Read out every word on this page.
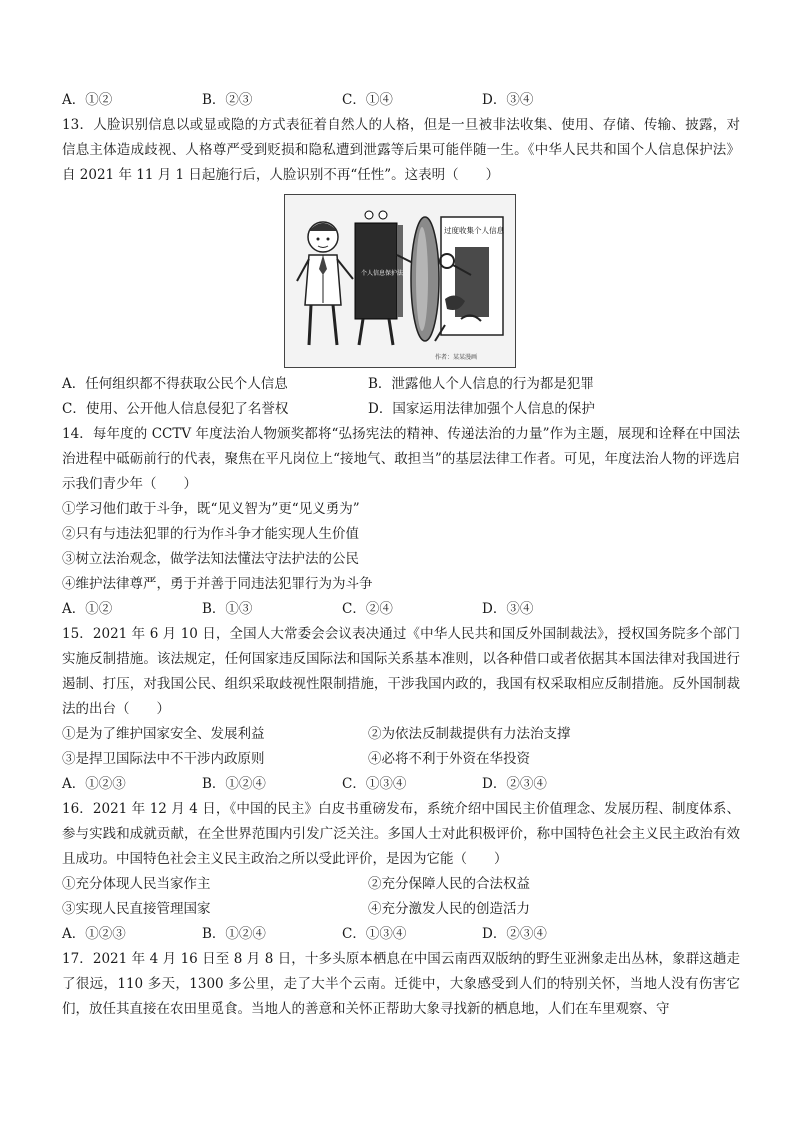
A．①②	B．②③	C．①④	D．③④
13．人脸识别信息以或显或隐的方式表征着自然人的人格，但是一旦被非法收集、使用、存储、传输、披露，对信息主体造成歧视、人格尊严受到贬损和隐私遭到泄露等后果可能伴随一生。《中华人民共和国个人信息保护法》自 2021 年 11 月 1 日起施行后，人脸识别不再“任性”。这表明（　　）
个人信息保护法
过度收集个人信息
作者：某某漫画
A．任何组织都不得获取公民个人信息	B．泄露他人个人信息的行为都是犯罪
C．使用、公开他人信息侵犯了名誉权	D．国家运用法律加强个人信息的保护
14．每年度的 CCTV 年度法治人物颁奖都将“弘扬宪法的精神、传递法治的力量”作为主题，展现和诠释在中国法治进程中砥砺前行的代表，聚焦在平凡岗位上“接地气、敢担当”的基层法律工作者。可见，年度法治人物的评选启示我们青少年（　　）
①学习他们敢于斗争，既“见义智为”更“见义勇为”
②只有与违法犯罪的行为作斗争才能实现人生价值
③树立法治观念，做学法知法懂法守法护法的公民
④维护法律尊严，勇于并善于同违法犯罪行为为斗争
A．①②	B．①③	C．②④	D．③④
15．2021 年 6 月 10 日，全国人大常委会会议表决通过《中华人民共和国反外国制裁法》，授权国务院多个部门实施反制措施。该法规定，任何国家违反国际法和国际关系基本准则，以各种借口或者依据其本国法律对我国进行遏制、打压，对我国公民、组织采取歧视性限制措施，干涉我国内政的，我国有权采取相应反制措施。反外国制裁法的出台（　　）
①是为了维护国家安全、发展利益	②为依法反制裁提供有力法治支撑
③是捍卫国际法中不干涉内政原则	④必将不利于外资在华投资
A．①②③	B．①②④	C．①③④	D．②③④
16．2021 年 12 月 4 日，《中国的民主》白皮书重磅发布，系统介绍中国民主价值理念、发展历程、制度体系、参与实践和成就贡献，在全世界范围内引发广泛关注。多国人士对此积极评价，称中国特色社会主义民主政治有效且成功。中国特色社会主义民主政治之所以受此评价，是因为它能（　　）
①充分体现人民当家作主	②充分保障人民的合法权益
③实现人民直接管理国家	④充分激发人民的创造活力
A．①②③	B．①②④	C．①③④	D．②③④
17．2021 年 4 月 16 日至 8 月 8 日，十多头原本栖息在中国云南西双版纳的野生亚洲象走出丛林，象群这趟走了很远，110 多天，1300 多公里，走了大半个云南。迁徙中，大象感受到人们的特别关怀，当地人没有伤害它们，放任其直接在农田里觅食。当地人的善意和关怀正帮助大象寻找新的栖息地，人们在车里观察、守
